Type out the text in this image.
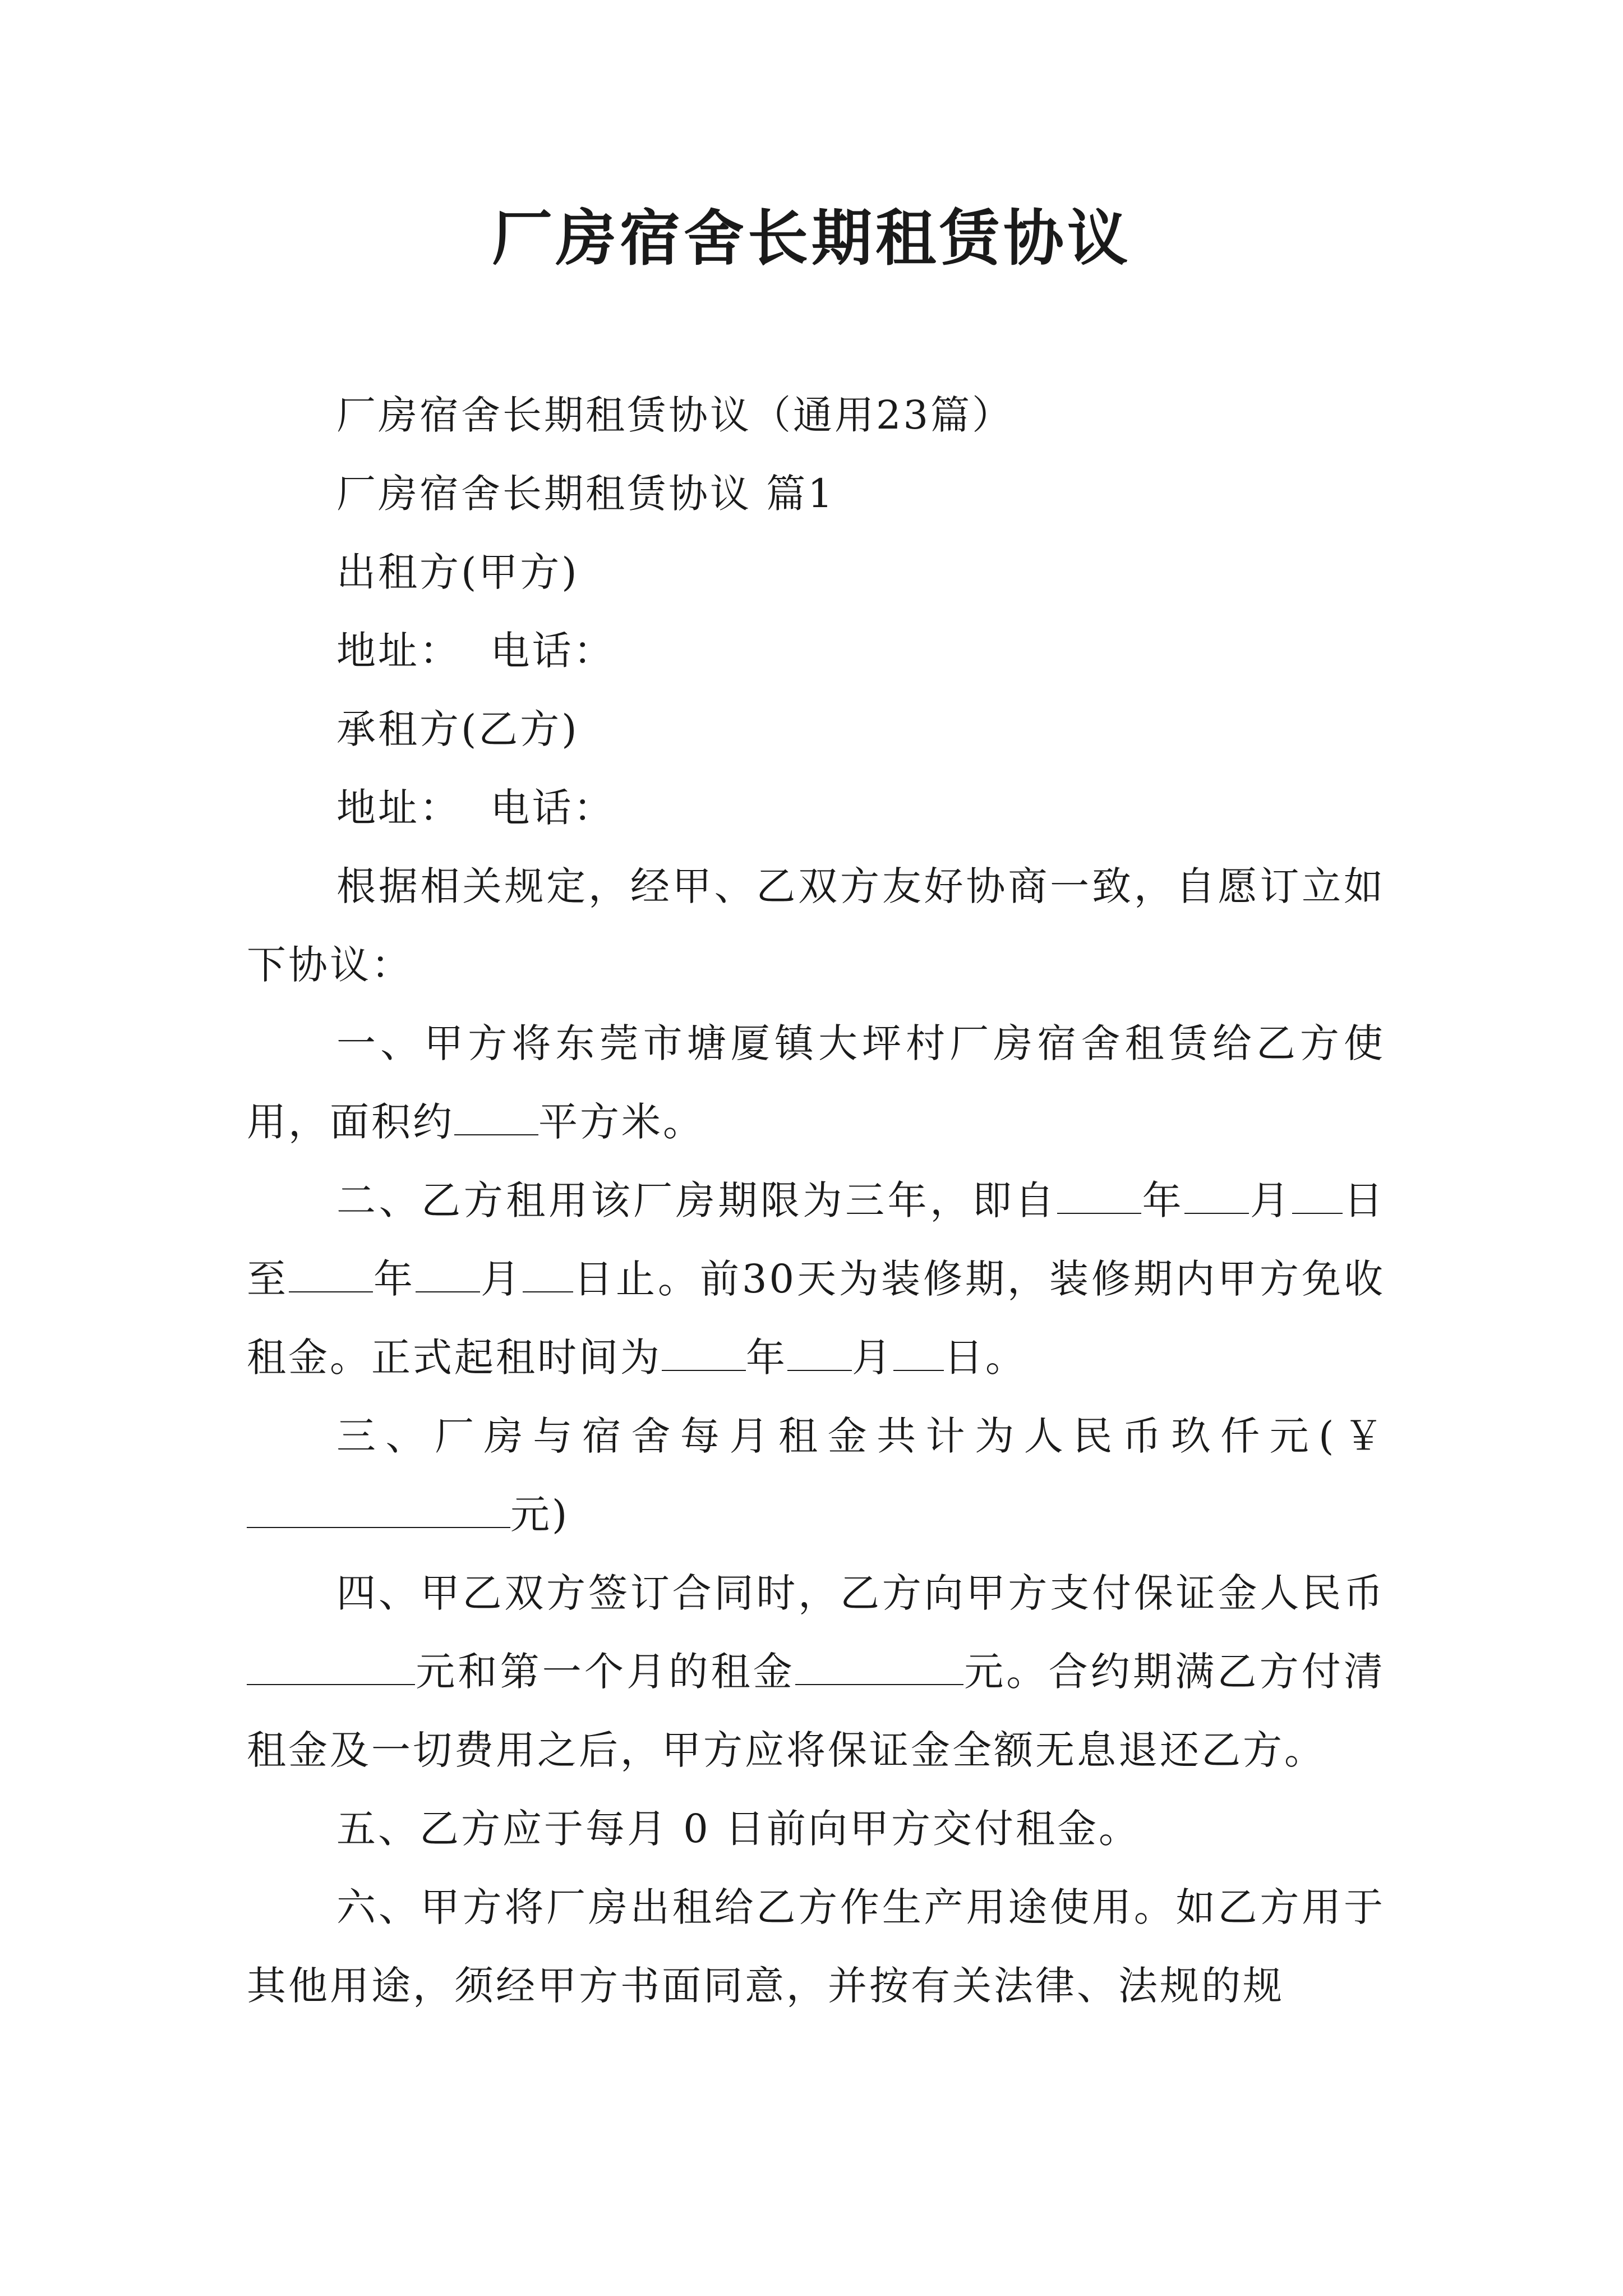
厂房宿舍长期租赁协议

厂房宿舍长期租赁协议（通用23篇）

厂房宿舍长期租赁协议 篇1

出租方(甲方)

地址：  电话：

承租方(乙方)

地址：  电话：

根据相关规定，经甲、乙双方友好协商一致，自愿订立如下协议：

一、甲方将东莞市塘厦镇大坪村厂房宿舍租赁给乙方使用，面积约 平方米。

二、乙方租用该厂房期限为三年，即自 年 月 日至 年 月 日止。前30天为装修期，装修期内甲方免收租金。正式起租时间为 年 月 日。

三、厂房与宿舍每月租金共计为人民币玖仟元(￥元)

四、甲乙双方签订合同时，乙方向甲方支付保证金人民币元和第一个月的租金	元。合约期满乙方付清租金及一切费用之后，甲方应将保证金全额无息退还乙方。

五、乙方应于每月 0 日前向甲方交付租金。

六、甲方将厂房出租给乙方作生产用途使用。如乙方用于其他用途，须经甲方书面同意，并按有关法律、法规的规
